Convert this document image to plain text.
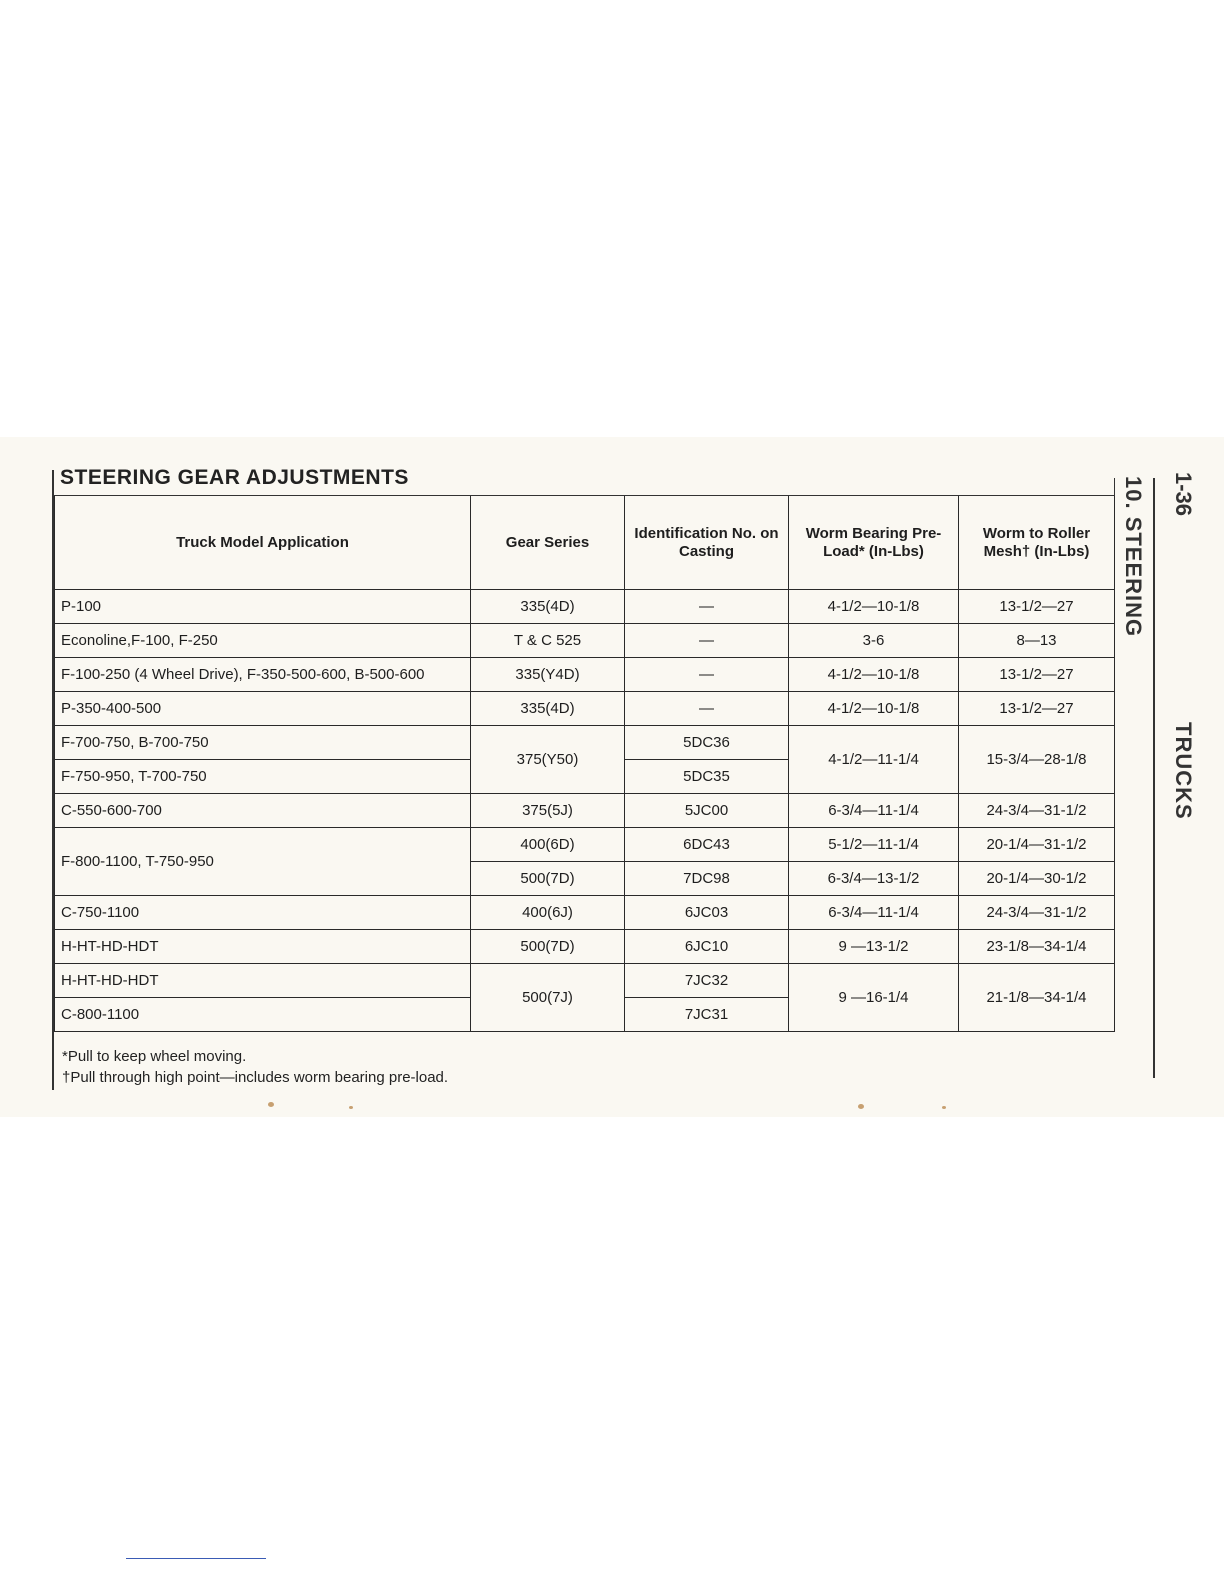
STEERING GEAR ADJUSTMENTS
Truck Model Application	Gear Series	Identification No. on Casting	Worm Bearing Pre-Load* (In-Lbs)	Worm to Roller Mesh† (In-Lbs)
P-100	335(4D)	—	4-1/2—10-1/8	13-1/2—27
Econoline,F-100, F-250	T & C 525	—	3-6	8—13
F-100-250 (4 Wheel Drive), F-350-500-600, B-500-600	335(Y4D)	—	4-1/2—10-1/8	13-1/2—27
P-350-400-500	335(4D)	—	4-1/2—10-1/8	13-1/2—27
F-700-750, B-700-750	375(Y50)	5DC36	4-1/2—11-1/4	15-3/4—28-1/8
F-750-950, T-700-750		5DC35		
C-550-600-700	375(5J)	5JC00	6-3/4—11-1/4	24-3/4—31-1/2
F-800-1100, T-750-950	400(6D)	6DC43	5-1/2—11-1/4	20-1/4—31-1/2
	500(7D)	7DC98	6-3/4—13-1/2	20-1/4—30-1/2
C-750-1100	400(6J)	6JC03	6-3/4—11-1/4	24-3/4—31-1/2
H-HT-HD-HDT	500(7D)	6JC10	9 —13-1/2	23-1/8—34-1/4
H-HT-HD-HDT	500(7J)	7JC32	9 —16-1/4	21-1/8—34-1/4
C-800-1100		7JC31		
*Pull to keep wheel moving.
†Pull through high point—includes worm bearing pre-load.
1-36
10. STEERING
TRUCKS
